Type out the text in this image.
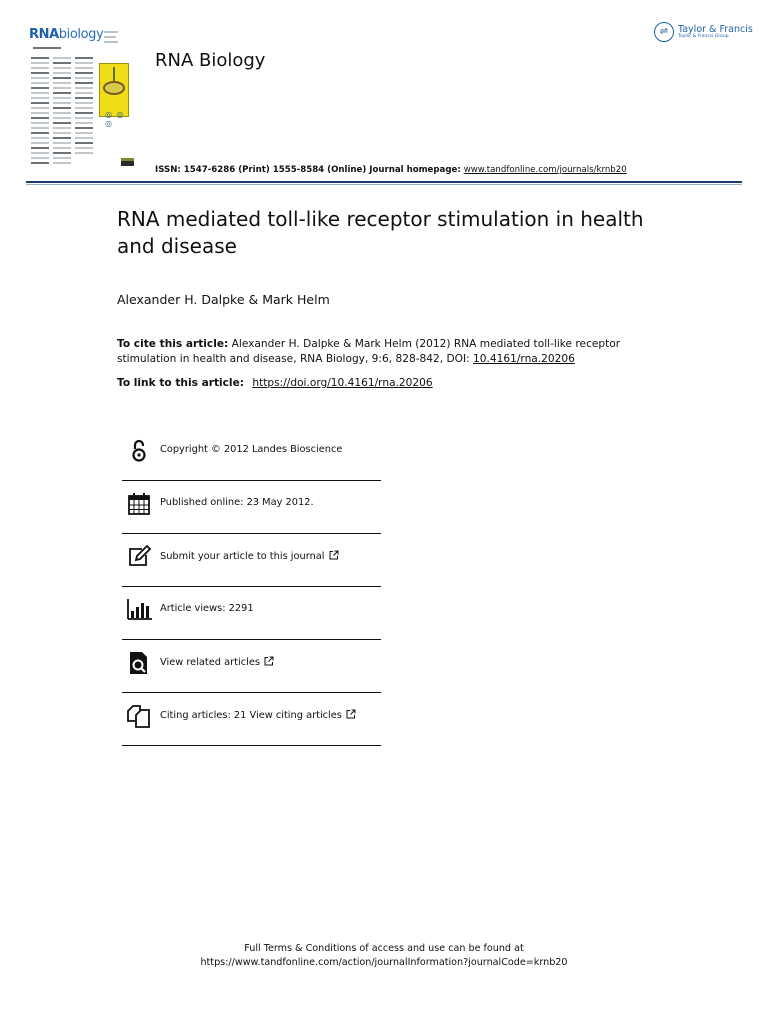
RNAbiology
◎ ◎ ◎
RNA Biology
⇌	Taylor & Francis
Taylor & Francis Group
ISSN: 1547-6286 (Print) 1555-8584 (Online) Journal homepage: www.tandfonline.com/journals/krnb20
RNA mediated toll-like receptor stimulation in health and disease
Alexander H. Dalpke & Mark Helm
To cite this article: Alexander H. Dalpke & Mark Helm (2012) RNA mediated toll-like receptor stimulation in health and disease, RNA Biology, 9:6, 828-842, DOI: 10.4161/rna.20206
To link to this article: https://doi.org/10.4161/rna.20206
Copyright © 2012 Landes Bioscience
Published online: 23 May 2012.
Submit your article to this journal
Article views: 2291
View related articles
Citing articles: 21 View citing articles
Full Terms & Conditions of access and use can be found at
https://www.tandfonline.com/action/journalInformation?journalCode=krnb20
